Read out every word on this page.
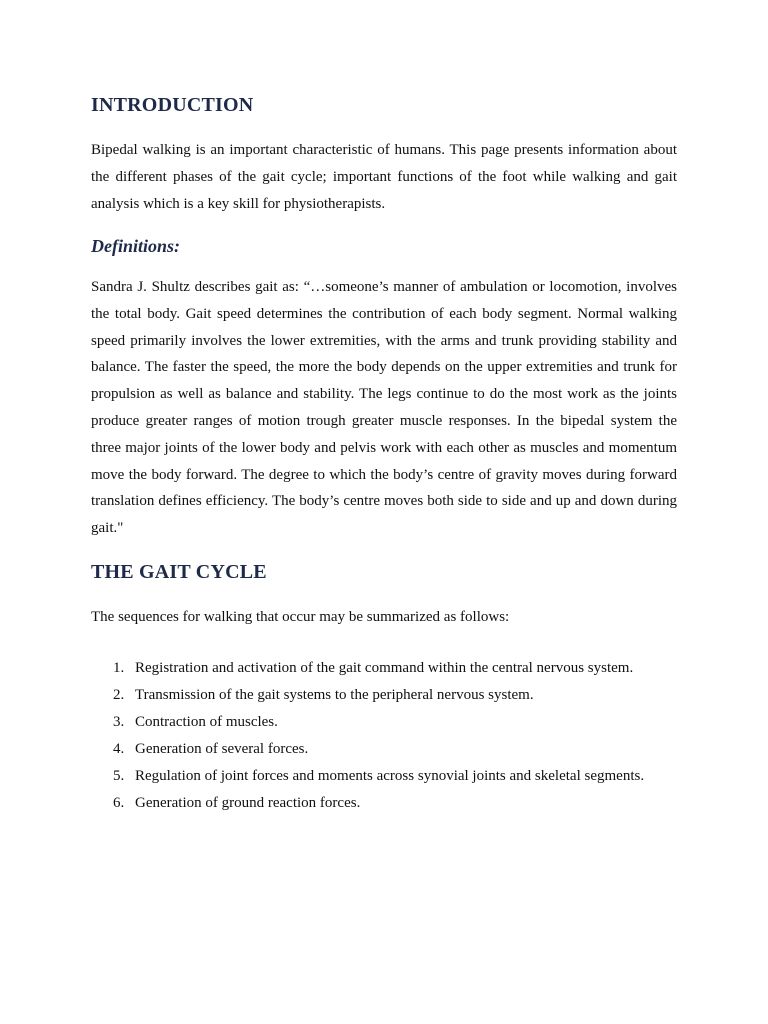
INTRODUCTION

Bipedal walking is an important characteristic of humans. This page presents information about the different phases of the gait cycle; important functions of the foot while walking and gait analysis which is a key skill for physiotherapists.

Definitions:

Sandra J. Shultz describes gait as: “…someone’s manner of ambulation or locomotion, involves the total body. Gait speed determines the contribution of each body segment. Normal walking speed primarily involves the lower extremities, with the arms and trunk providing stability and balance. The faster the speed, the more the body depends on the upper extremities and trunk for propulsion as well as balance and stability. The legs continue to do the most work as the joints produce greater ranges of motion trough greater muscle responses. In the bipedal system the three major joints of the lower body and pelvis work with each other as muscles and momentum move the body forward. The degree to which the body’s centre of gravity moves during forward translation defines efficiency. The body’s centre moves both side to side and up and down during gait."

THE GAIT CYCLE

The sequences for walking that occur may be summarized as follows:

1. Registration and activation of the gait command within the central nervous system.
2. Transmission of the gait systems to the peripheral nervous system.
3. Contraction of muscles.
4. Generation of several forces.
5. Regulation of joint forces and moments across synovial joints and skeletal segments.
6. Generation of ground reaction forces.
